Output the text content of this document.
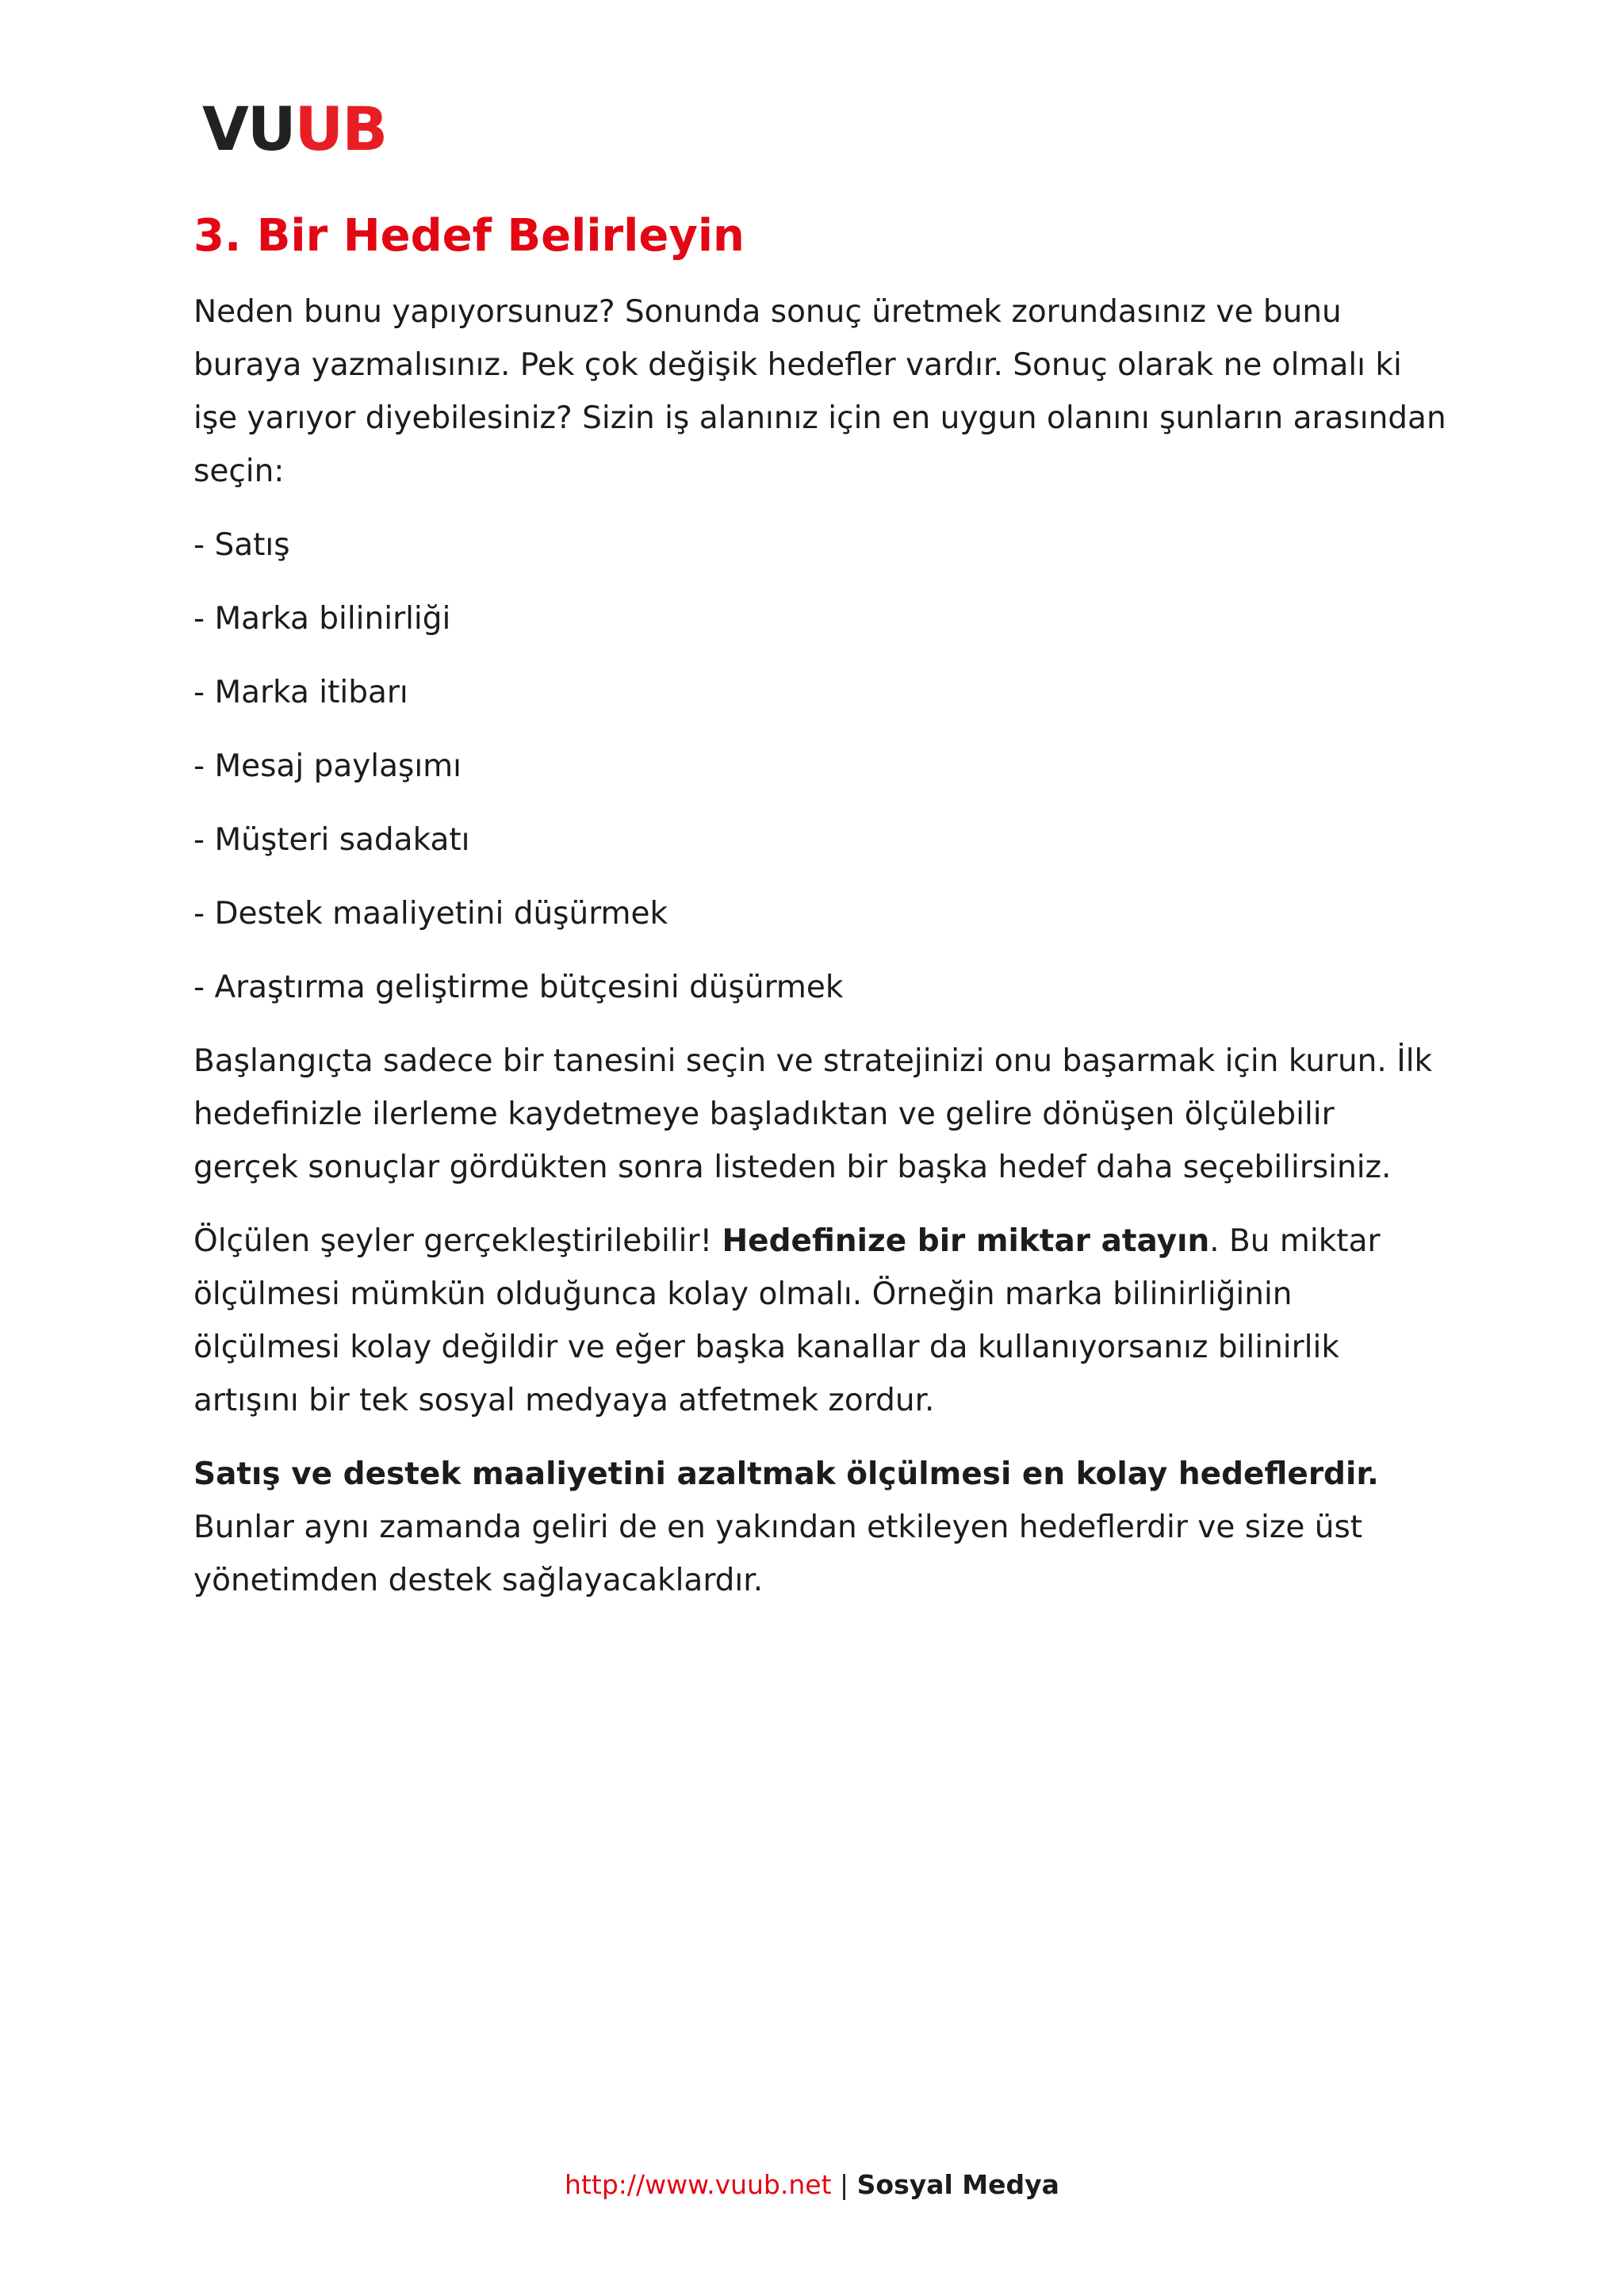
VUUB
3. Bir Hedef Belirleyin

Neden bunu yapıyorsunuz? Sonunda sonuç üretmek zorundasınız ve bunu buraya yazmalısınız. Pek çok değişik hedefler vardır. Sonuç olarak ne olmalı ki işe yarıyor diyebilesiniz? Sizin iş alanınız için en uygun olanını şunların arasından seçin:

- Satış
- Marka bilinirliği
- Marka itibarı
- Mesaj paylaşımı
- Müşteri sadakatı
- Destek maaliyetini düşürmek
- Araştırma geliştirme bütçesini düşürmek

Başlangıçta sadece bir tanesini seçin ve stratejinizi onu başarmak için kurun. İlk hedefinizle ilerleme kaydetmeye başladıktan ve gelire dönüşen ölçülebilir gerçek sonuçlar gördükten sonra listeden bir başka hedef daha seçebilirsiniz.

Ölçülen şeyler gerçekleştirilebilir! Hedefinize bir miktar atayın. Bu miktar ölçülmesi mümkün olduğunca kolay olmalı. Örneğin marka bilinirliğinin ölçülmesi kolay değildir ve eğer başka kanallar da kullanıyorsanız bilinirlik artışını bir tek sosyal medyaya atfetmek zordur.

Satış ve destek maaliyetini azaltmak ölçülmesi en kolay hedeflerdir. Bunlar aynı zamanda geliri de en yakından etkileyen hedeflerdir ve size üst yönetimden destek sağlayacaklardır.

http://www.vuub.net | Sosyal Medya
